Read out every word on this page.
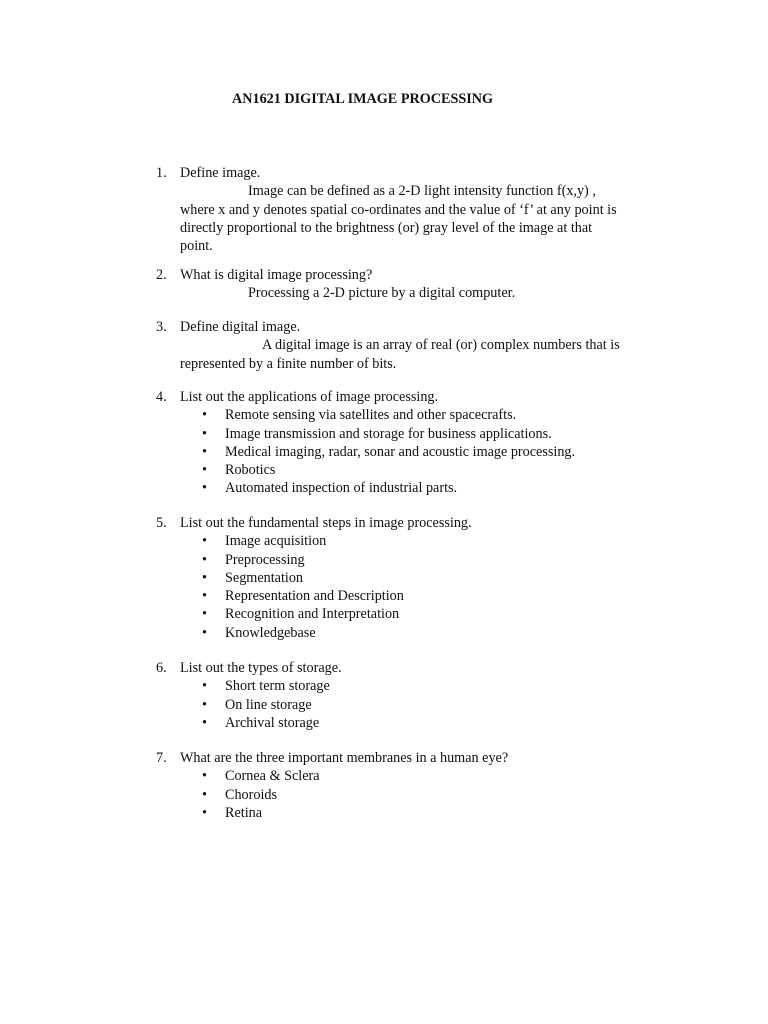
AN1621 DIGITAL IMAGE PROCESSING
1. Define image.
Image can be defined as a 2-D light intensity function f(x,y) ,
where x and y denotes spatial co-ordinates and the value of ‘f’ at any point is
directly proportional to the brightness (or) gray level of the image at that
point.
2. What is digital image processing?
Processing a 2-D picture by a digital computer.
3. Define digital image.
A digital image is an array of real (or) complex numbers that is
represented by a finite number of bits.
4. List out the applications of image processing.
• Remote sensing via satellites and other spacecrafts.
• Image transmission and storage for business applications.
• Medical imaging, radar, sonar and acoustic image processing.
• Robotics
• Automated inspection of industrial parts.
5. List out the fundamental steps in image processing.
• Image acquisition
• Preprocessing
• Segmentation
• Representation and Description
• Recognition and Interpretation
• Knowledgebase
6. List out the types of storage.
• Short term storage
• On line storage
• Archival storage
7. What are the three important membranes in a human eye?
• Cornea & Sclera
• Choroids
• Retina
